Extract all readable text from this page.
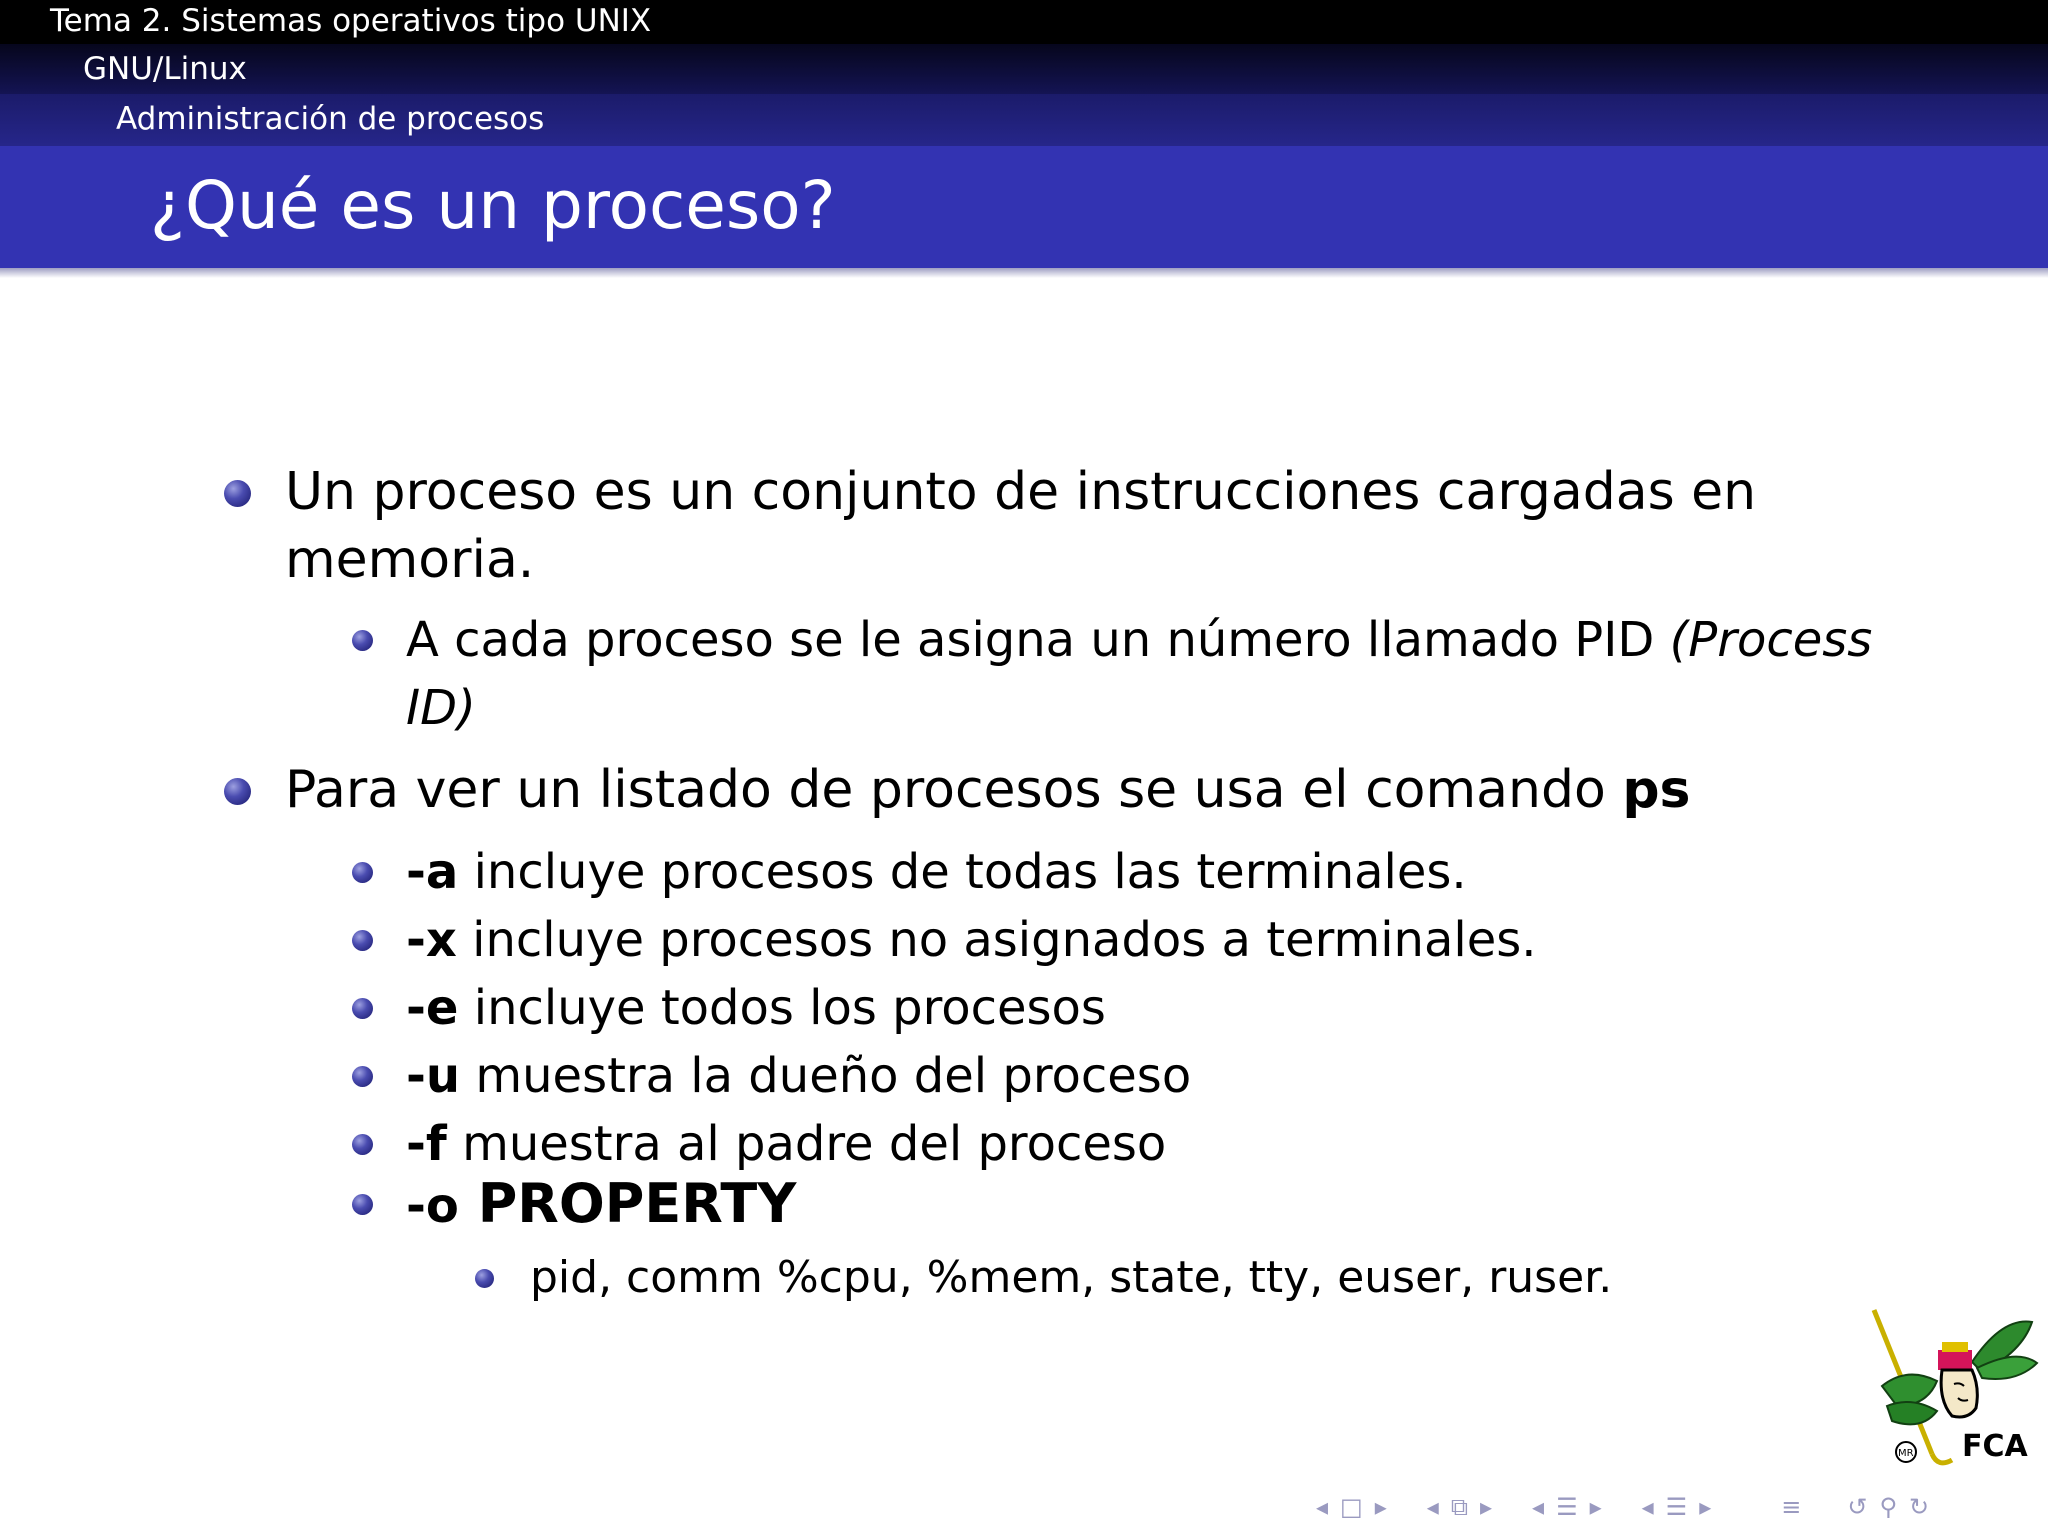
Tema 2. Sistemas operativos tipo UNIX
GNU/Linux
Administración de procesos
¿Qué es un proceso?
Un proceso es un conjunto de instrucciones cargadas en memoria.
A cada proceso se le asigna un número llamado PID (Process ID)
Para ver un listado de procesos se usa el comando ps
-a incluye procesos de todas las terminales.
-x incluye procesos no asignados a terminales.
-e incluye todos los procesos
-u muestra la dueño del proceso
-f muestra al padre del proceso
-o PROPERTY
pid, comm %cpu, %mem, state, tty, euser, ruser.
MR FCA
◂ □ ▸ ◂ ⧉ ▸ ◂ ☰ ▸ ◂ ☰ ▸	≡ ↺ ⚲ ↻
